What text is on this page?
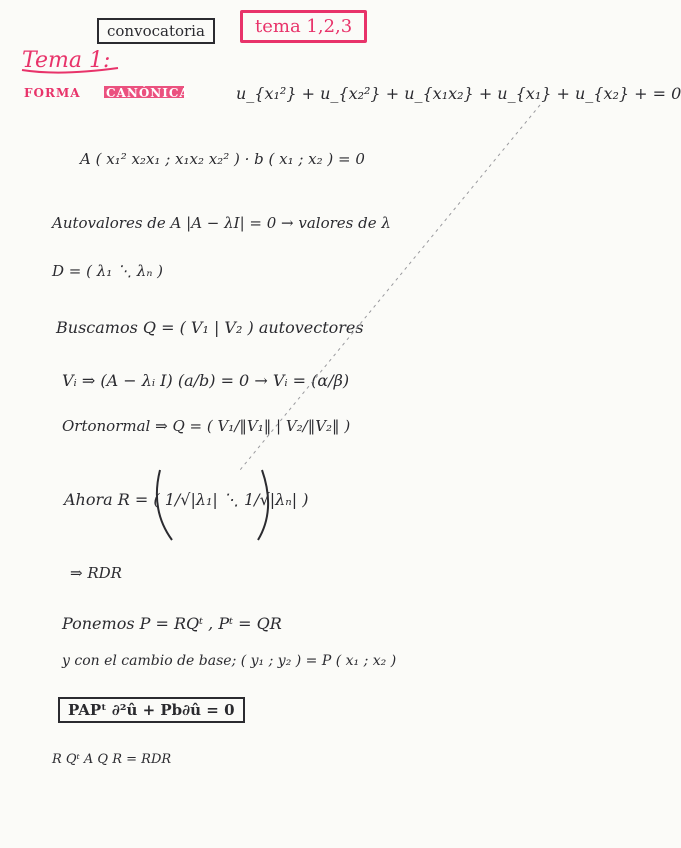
convocatoria	tema 1,2,3
Tema 1:
FORMA CANÓNICA	u_{x₁²} + u_{x₂²} + u_{x₁x₂} + u_{x₁} + u_{x₂} + = 0
A ( x₁² x₂x₁ ; x₁x₂ x₂² ) · b ( x₁ ; x₂ ) = 0
Autovalores de A |A − λI| = 0 → valores de λ
D = ( λ₁ ⋱ λₙ )
Buscamos Q = ( V₁ | V₂ ) autovectores
Vᵢ ⇒ (A − λᵢ I) (a/b) = 0 → Vᵢ = (α/β)
Ortonormal ⇒ Q = ( V₁/‖V₁‖ | V₂/‖V₂‖ )
Ahora R = ( 1/√|λ₁| ⋱ 1/√|λₙ| )
⇒ RDR
Ponemos P = RQᵗ , Pᵗ = QR
y con el cambio de base; ( y₁ ; y₂ ) = P ( x₁ ; x₂ )
PAPᵗ ∂²û + Pb∂û = 0
R Qᵗ A Q R = RDR
